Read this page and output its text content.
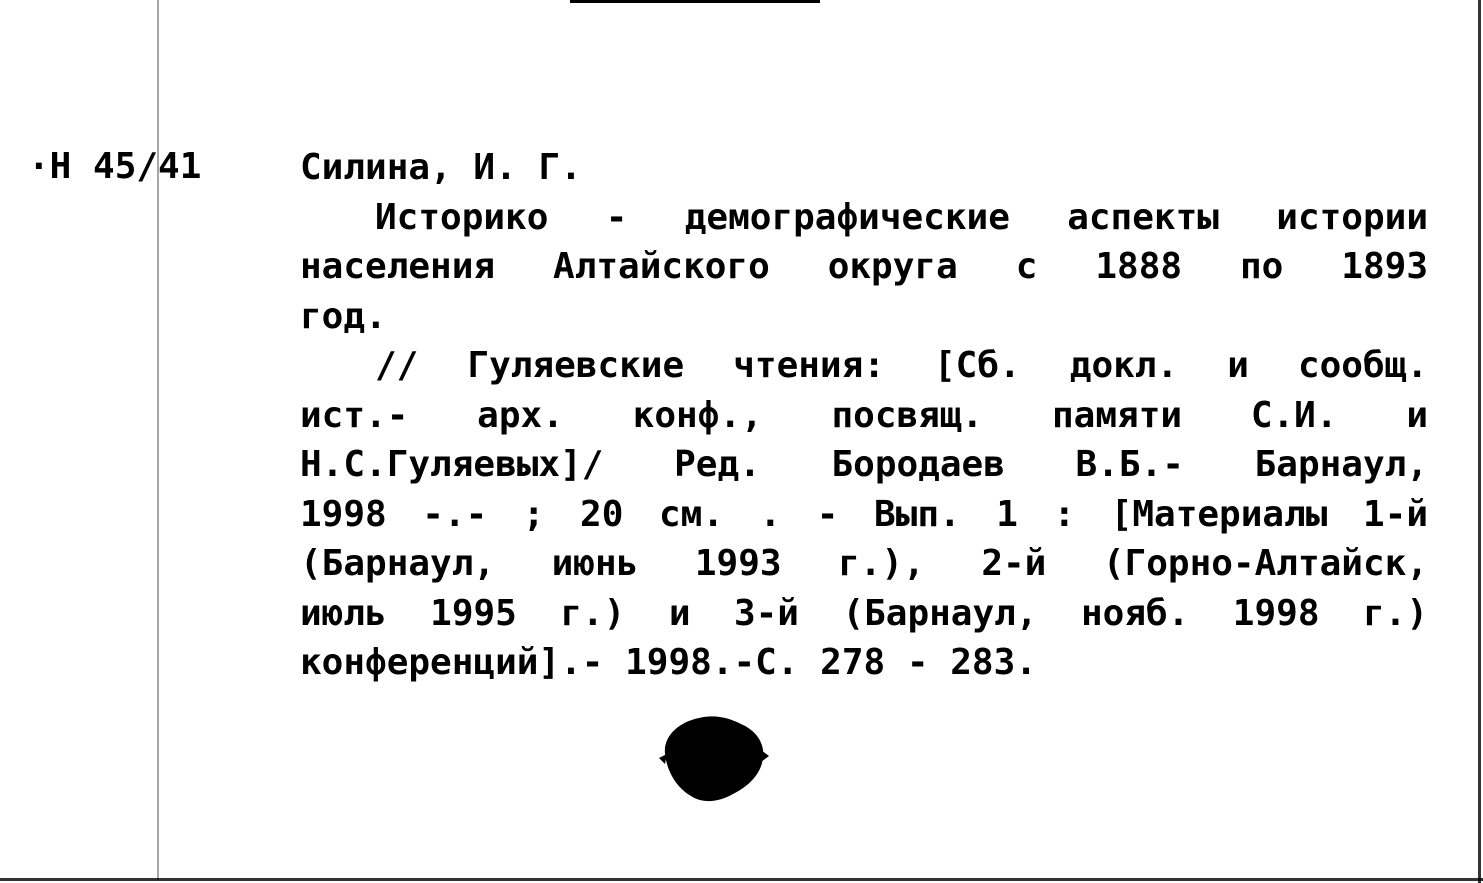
·Н 45/41	Силина, И. Г.
Историко - демографические аспекты истории
населения Алтайского округа с 1888 по 1893
год.
// Гуляевские чтения: [Сб. докл. и сообщ.
ист.- арх. конф., посвящ. памяти С.И. и
Н.С.Гуляевых]/ Ред. Бородаев В.Б.- Барнаул,
1998 -.- ; 20 см. . - Вып. 1 : [Материалы 1-й
(Барнаул, июнь 1993 г.), 2-й (Горно-Алтайск,
июль 1995 г.) и 3-й (Барнаул, нояб. 1998 г.)
конференций].- 1998.-С. 278 - 283.
